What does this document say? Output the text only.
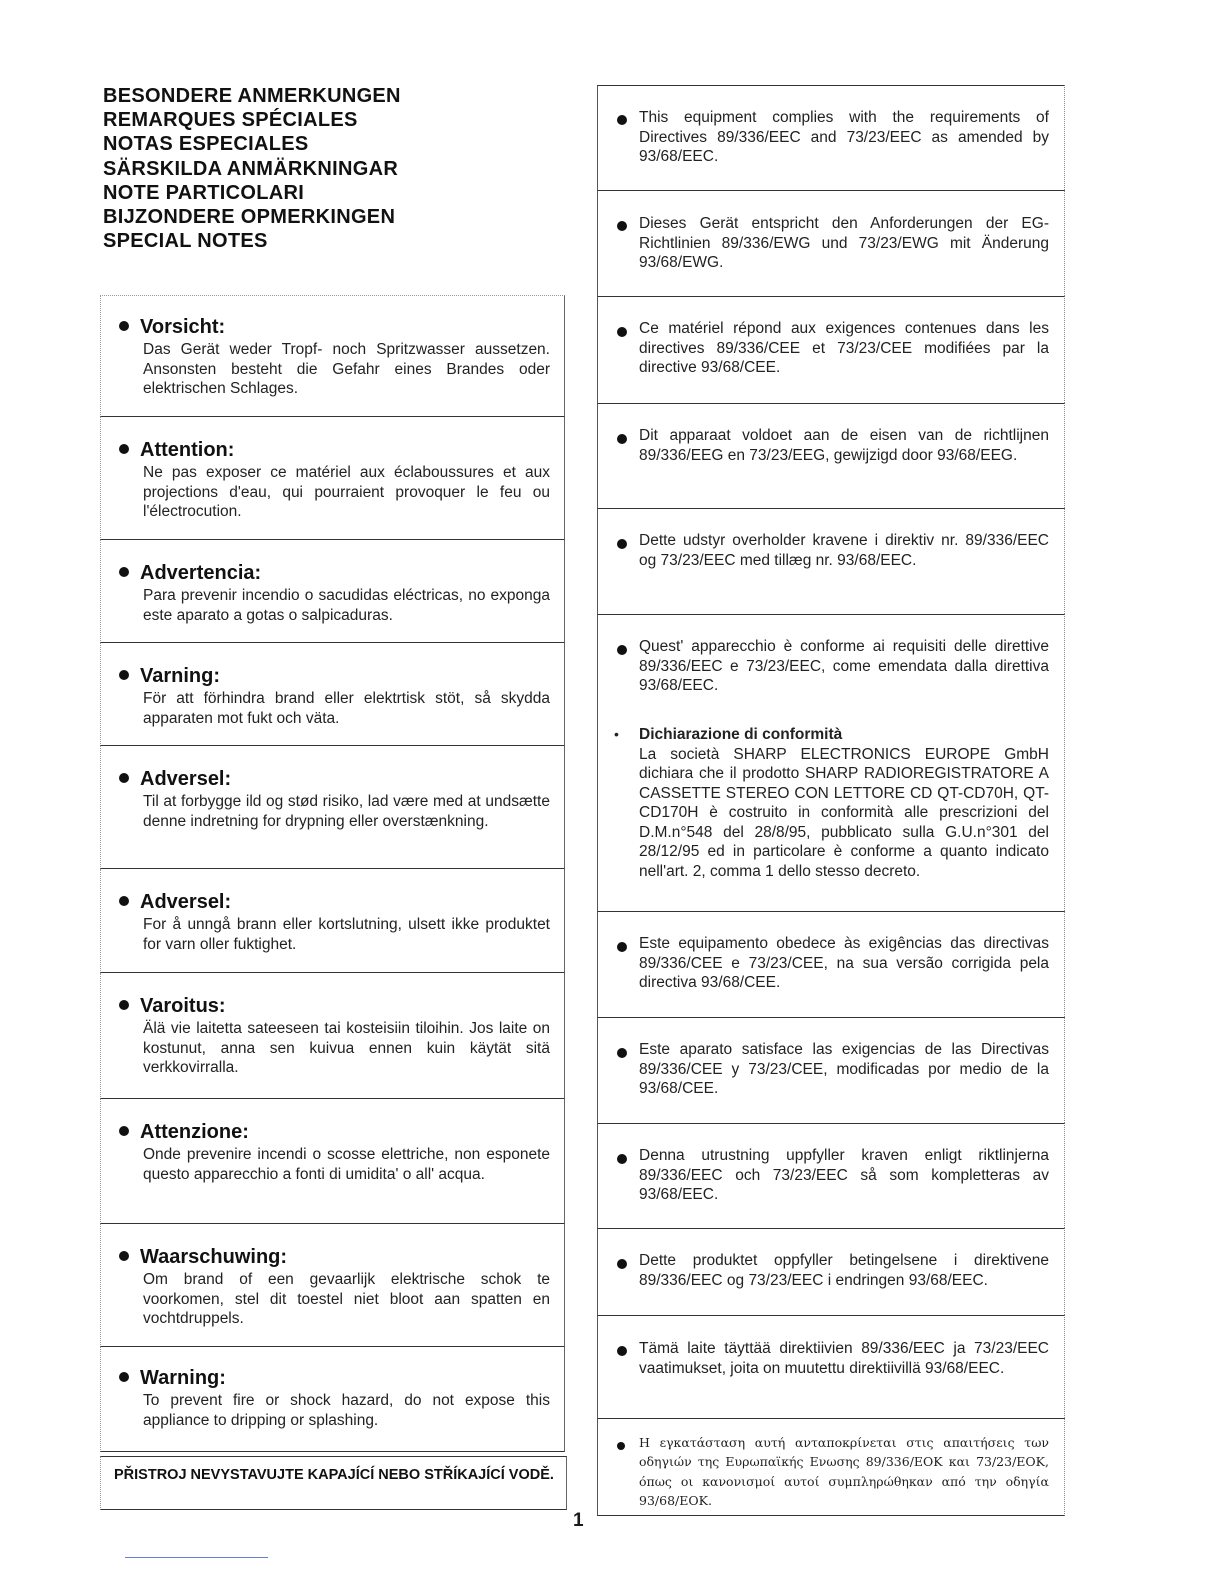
BESONDERE ANMERKUNGEN
REMARQUES SPÉCIALES
NOTAS ESPECIALES
SÄRSKILDA ANMÄRKNINGAR
NOTE PARTICOLARI
BIJZONDERE OPMERKINGEN
SPECIAL NOTES
Vorsicht:
Das Gerät weder Tropf- noch Spritzwasser aussetzen. Ansonsten besteht die Gefahr eines Brandes oder elektrischen Schlages.
Attention:
Ne pas exposer ce matériel aux éclaboussures et aux projections d'eau, qui pourraient provoquer le feu ou l'électrocution.
Advertencia:
Para prevenir incendio o sacudidas eléctricas, no exponga este aparato a gotas o salpicaduras.
Varning:
För att förhindra brand eller elektrtisk stöt, så skydda apparaten mot fukt och väta.
Adversel:
Til at forbygge ild og stød risiko, lad være med at undsætte denne indretning for drypning eller overstænkning.
Adversel:
For å unngå brann eller kortslutning, ulsett ikke produktet for varn oller fuktighet.
Varoitus:
Älä vie laitetta sateeseen tai kosteisiin tiloihin. Jos laite on kostunut, anna sen kuivua ennen kuin käytät sitä verkkovirralla.
Attenzione:
Onde prevenire incendi o scosse elettriche, non esponete questo apparecchio a fonti di umidita' o all' acqua.
Waarschuwing:
Om brand of een gevaarlijk elektrische schok te voorkomen, stel dit toestel niet bloot aan spatten en vochtdruppels.
Warning:
To prevent fire or shock hazard, do not expose this appliance to dripping or splashing.
PŘISTROJ NEVYSTAVUJTE KAPAJÍCÍ NEBO STŘÍKAJÍCÍ VODĚ.
This equipment complies with the requirements of Directives 89/336/EEC and 73/23/EEC as amended by 93/68/EEC.
Dieses Gerät entspricht den Anforderungen der EG-Richtlinien 89/336/EWG und 73/23/EWG mit Änderung 93/68/EWG.
Ce matériel répond aux exigences contenues dans les directives 89/336/CEE et 73/23/CEE modifiées par la directive 93/68/CEE.
Dit apparaat voldoet aan de eisen van de richtlijnen 89/336/EEG en 73/23/EEG, gewijzigd door 93/68/EEG.
Dette udstyr overholder kravene i direktiv nr. 89/336/EEC og 73/23/EEC med tillæg nr. 93/68/EEC.
Quest' apparecchio è conforme ai requisiti delle direttive 89/336/EEC e 73/23/EEC, come emendata dalla direttiva 93/68/EEC.
• Dichiarazione di conformità
La società SHARP ELECTRONICS EUROPE GmbH dichiara che il prodotto SHARP RADIOREGISTRATORE A CASSETTE STEREO CON LETTORE CD QT-CD70H, QT-CD170H è costruito in conformità alle prescrizioni del D.M.n°548 del 28/8/95, pubblicato sulla G.U.n°301 del 28/12/95 ed in particolare è conforme a quanto indicato nell'art. 2, comma 1 dello stesso decreto.
Este equipamento obedece às exigências das directivas 89/336/CEE e 73/23/CEE, na sua versão corrigida pela directiva 93/68/CEE.
Este aparato satisface las exigencias de las Directivas 89/336/CEE y 73/23/CEE, modificadas por medio de la 93/68/CEE.
Denna utrustning uppfyller kraven enligt riktlinjerna 89/336/EEC och 73/23/EEC så som kompletteras av 93/68/EEC.
Dette produktet oppfyller betingelsene i direktivene 89/336/EEC og 73/23/EEC i endringen 93/68/EEC.
Tämä laite täyttää direktiivien 89/336/EEC ja 73/23/EEC vaatimukset, joita on muutettu direktiivillä 93/68/EEC.
Η εγκατάσταση αυτή ανταποκρίνεται στις απαιτήσεις των οδηγιών της Ευρωπαϊκής Ενωσης 89/336/ΕΟΚ και 73/23/ΕΟΚ, όπως οι κανονισμοί αυτοί συμπληρώθηκαν από την οδηγία 93/68/ΕΟΚ.
1
